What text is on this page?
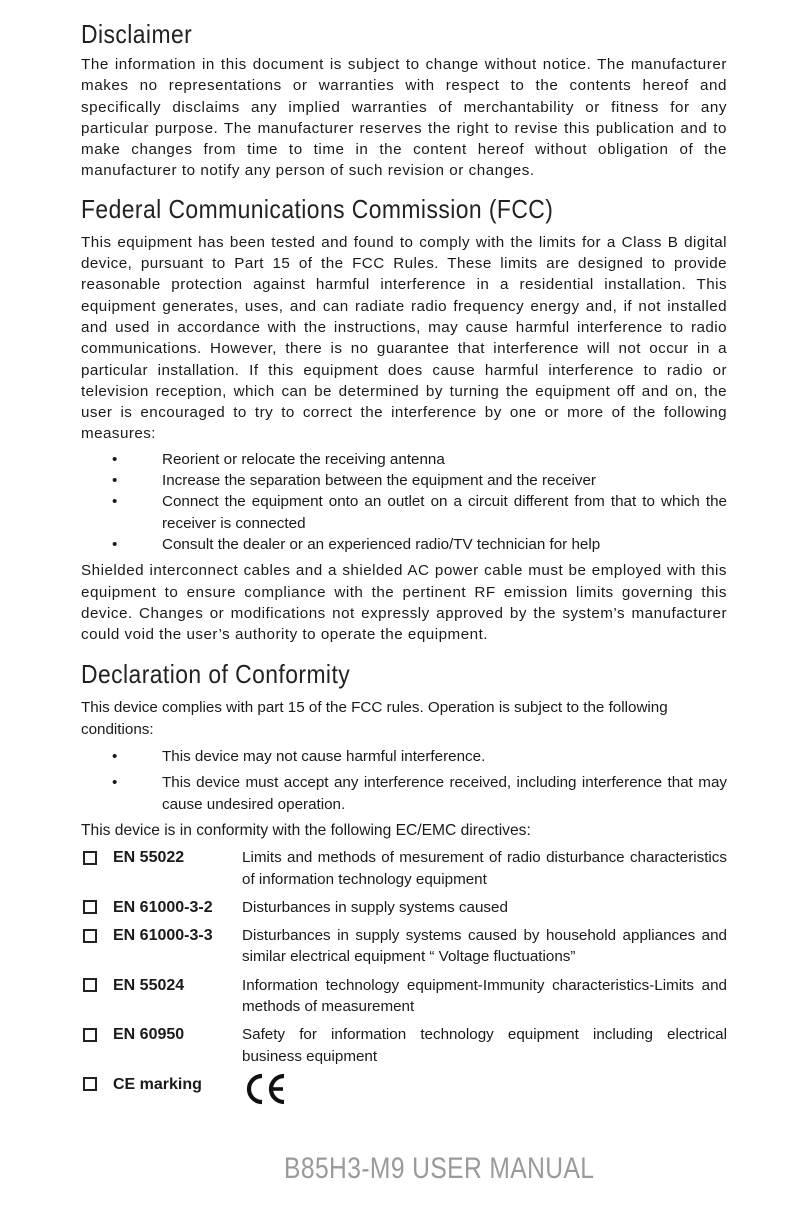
Disclaimer

The information in this document is subject to change without notice. The manufacturer makes no representations or warranties with respect to the contents hereof and specifically disclaims any implied warranties of merchantability or fitness for any particular purpose. The manufacturer reserves the right to revise this publication and to make changes from time to time in the content hereof without obligation of the manufacturer to notify any person of such revision or changes.

Federal Communications Commission (FCC)

This equipment has been tested and found to comply with the limits for a Class B digital device, pursuant to Part 15 of the FCC Rules. These limits are designed to provide reasonable protection against harmful interference in a residential installation. This equipment generates, uses, and can radiate radio frequency energy and, if not installed and used in accordance with the instructions, may cause harmful interference to radio communications. However, there is no guarantee that interference will not occur in a particular installation. If this equipment does cause harmful interference to radio or television reception, which can be determined by turning the equipment off and on, the user is encouraged to try to correct the interference by one or more of the following measures:

•	Reorient or relocate the receiving antenna
•	Increase the separation between the equipment and the receiver
•	Connect the equipment onto an outlet on a circuit different from that to which the receiver is connected
•	Consult the dealer or an experienced radio/TV technician for help

Shielded interconnect cables and a shielded AC power cable must be employed with this equipment to ensure compliance with the pertinent RF emission limits governing this device. Changes or modifications not expressly approved by the system’s manufacturer could void the user’s authority to operate the equipment.

Declaration of Conformity

This device complies with part 15 of the FCC rules. Operation is subject to the following conditions:

•	This device may not cause harmful interference.
•	This device must accept any interference received, including interference that may cause undesired operation.

This device is in conformity with the following EC/EMC directives:

EN 55022	Limits and methods of mesurement of radio disturbance characteristics of information technology equipment
EN 61000-3-2 Disturbances in supply systems caused
EN 61000-3-3 Disturbances in supply systems caused by household appliances and similar electrical equipment “ Voltage fluctuations”
EN 55024	Information technology equipment-Immunity characteristics-Limits and methods of measurement
EN 60950	Safety for information technology equipment including electrical business equipment
CE marking
B85H3-M9 USER MANUAL
